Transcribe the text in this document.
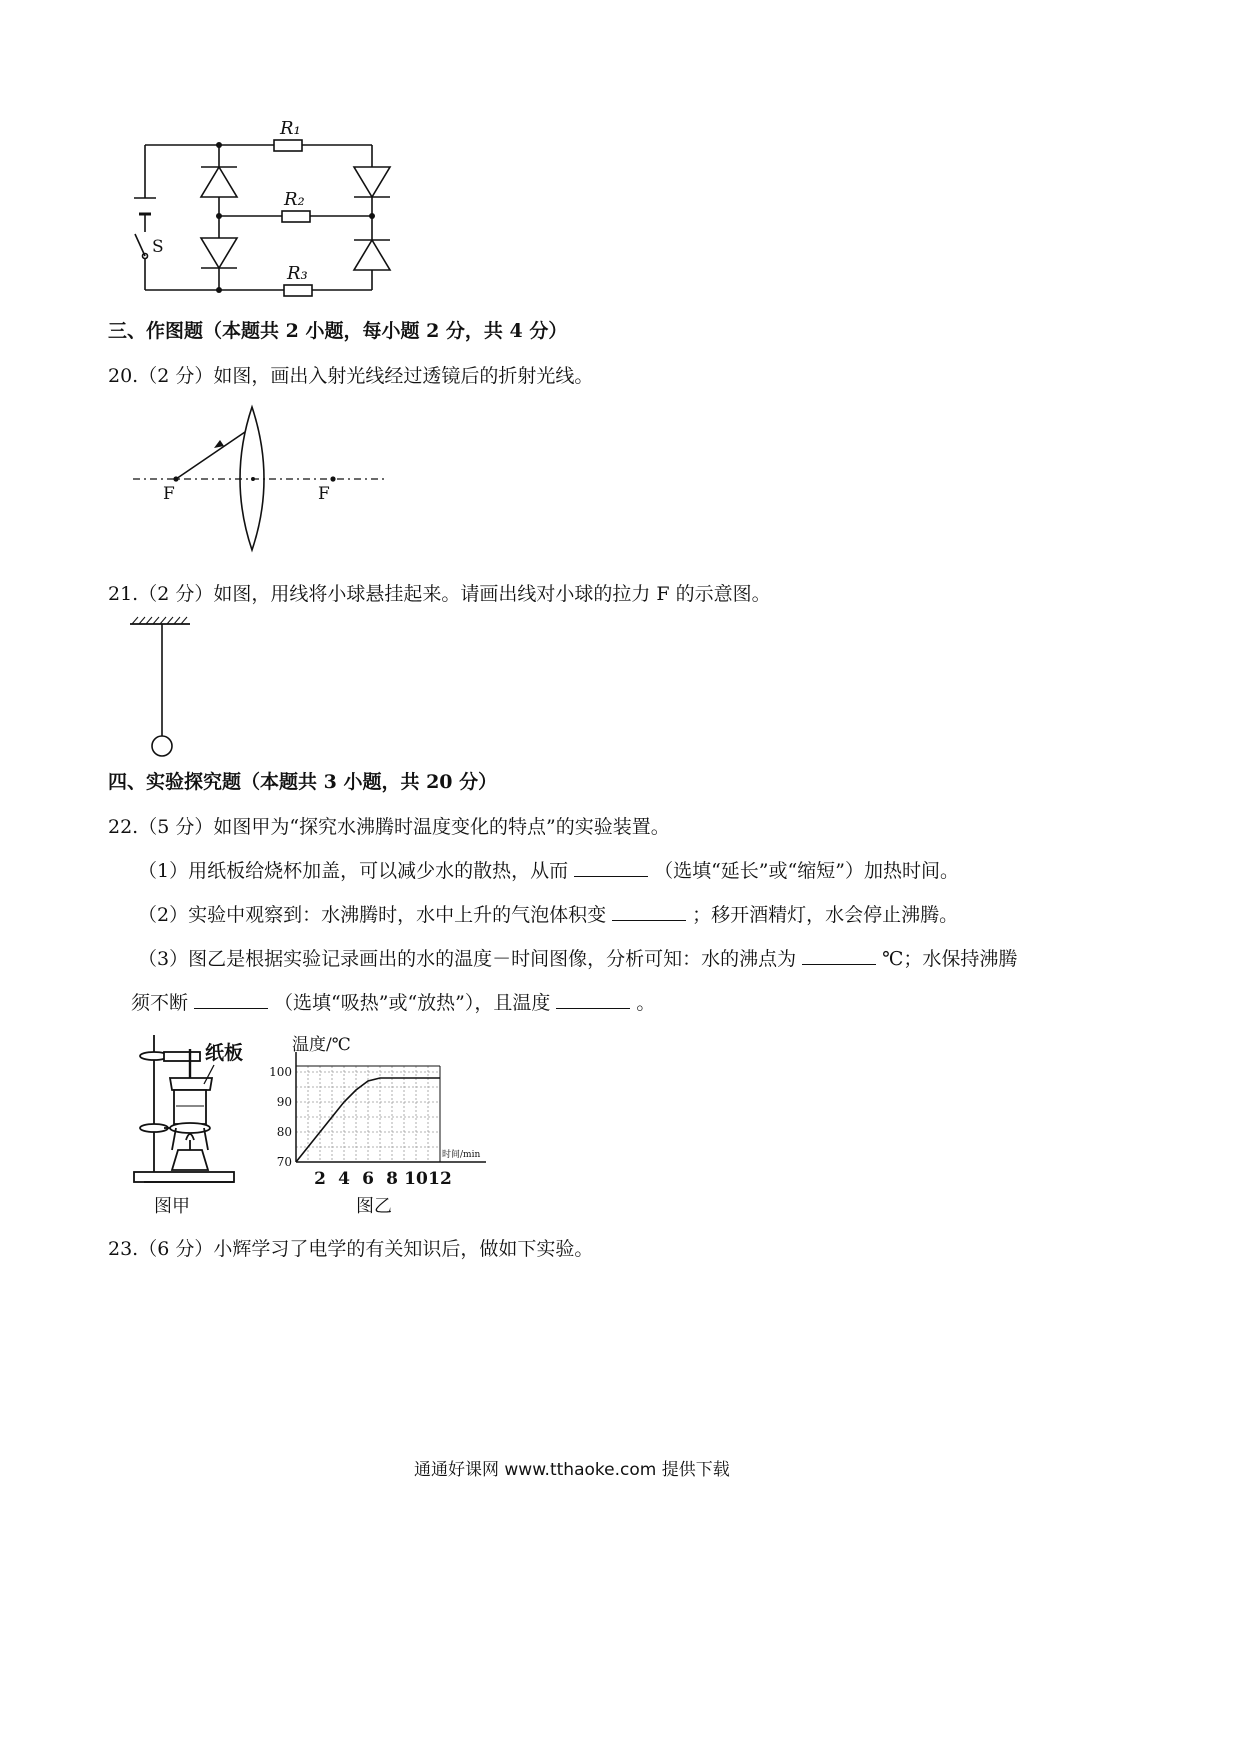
S
R₁
R₂
R₃
三、作图题（本题共 2 小题，每小题 2 分，共 4 分）
20.（2 分）如图，画出入射光线经过透镜后的折射光线。
F	F
21.（2 分）如图，用线将小球悬挂起来。请画出线对小球的拉力 F 的示意图。
四、实验探究题（本题共 3 小题，共 20 分）
22.（5 分）如图甲为“探究水沸腾时温度变化的特点”的实验装置。
（1）用纸板给烧杯加盖，可以减少水的散热，从而	（选填“延长”或“缩短”）加热时间。
（2）实验中观察到：水沸腾时，水中上升的气泡体积变	；移开酒精灯，水会停止沸腾。
（3）图乙是根据实验记录画出的水的温度－时间图像，分析可知：水的沸点为	℃；水保持沸腾
须不断	（选填“吸热”或“放热”），且温度	。
纸板
图甲
70
80
90
100
2 4 6 8 10 12
温度/℃
时间/min
图乙
23.（6 分）小辉学习了电学的有关知识后，做如下实验。
通通好课网 www.tthaoke.com 提供下载
